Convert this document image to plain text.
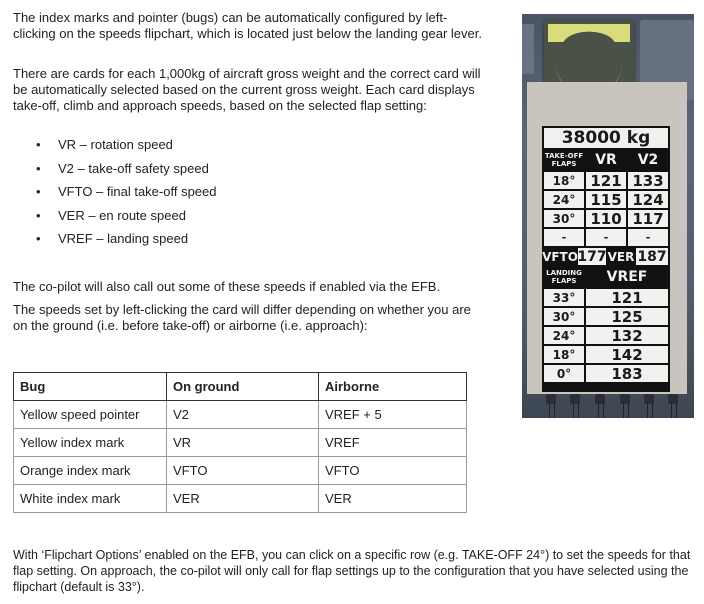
The index marks and pointer (bugs) can be automatically configured by left-clicking on the speeds flipchart, which is located just below the landing gear lever.

There are cards for each 1,000kg of aircraft gross weight and the correct card will be automatically selected based on the current gross weight. Each card displays take-off, climb and approach speeds, based on the selected flap setting:

• VR – rotation speed
• V2 – take-off safety speed
• VFTO – final take-off speed
• VER – en route speed
• VREF – landing speed

The co-pilot will also call out some of these speeds if enabled via the EFB.

The speeds set by left-clicking the card will differ depending on whether you are on the ground (i.e. before take-off) or airborne (i.e. approach):

Bug	On ground	Airborne
Yellow speed pointer	V2	VREF + 5
Yellow index mark	VR	VREF
Orange index mark	VFTO	VFTO
White index mark	VER	VER

With ‘Flipchart Options’ enabled on the EFB, you can click on a specific row (e.g. TAKE-OFF 24°) to set the speeds for that flap setting. On approach, the co-pilot will only call for flap settings up to the configuration that you have selected using the flipchart (default is 33°).

38000 kg
TAKE-OFF
FLAPS	VR	V2
18°	121 133
24°	115 124
30°	110 117
-	-	-
VFTO 177 VER 187
LANDING
FLAPS	VREF
33°	121
30°	125
24°	132
18°	142
0°	183
